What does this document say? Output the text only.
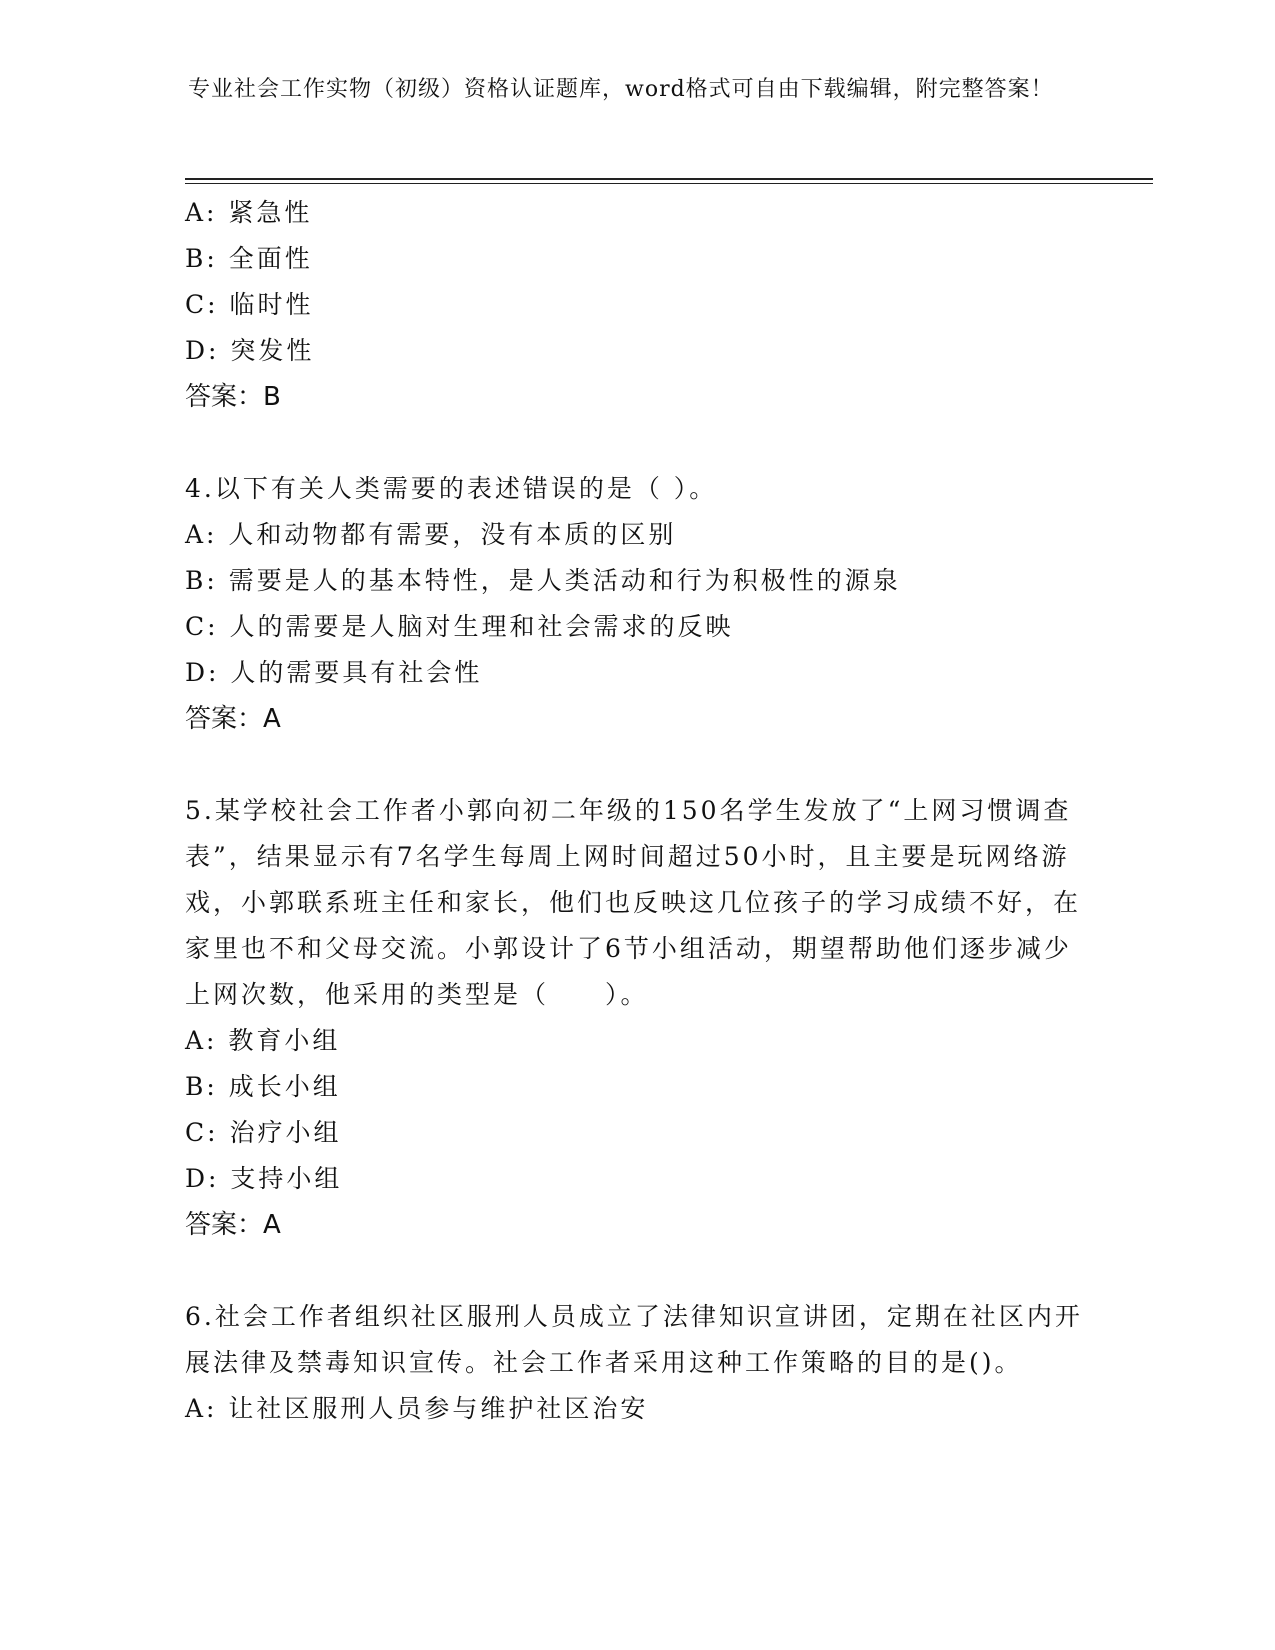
专业社会工作实物（初级）资格认证题库，word格式可自由下载编辑，附完整答案！

A: 紧急性

B: 全面性

C: 临时性

D: 突发性

答案：B

4.以下有关人类需要的表述错误的是（ ）。

A: 人和动物都有需要，没有本质的区别

B: 需要是人的基本特性，是人类活动和行为积极性的源泉

C: 人的需要是人脑对生理和社会需求的反映

D: 人的需要具有社会性

答案：A

5.某学校社会工作者小郭向初二年级的150名学生发放了“上网习惯调查表”，结果显示有7名学生每周上网时间超过50小时，且主要是玩网络游戏，小郭联系班主任和家长，他们也反映这几位孩子的学习成绩不好，在家里也不和父母交流。小郭设计了6节小组活动，期望帮助他们逐步减少上网次数，他采用的类型是（　　）。

A: 教育小组

B: 成长小组

C: 治疗小组

D: 支持小组

答案：A

6.社会工作者组织社区服刑人员成立了法律知识宣讲团，定期在社区内开展法律及禁毒知识宣传。社会工作者采用这种工作策略的目的是()。

A: 让社区服刑人员参与维护社区治安
